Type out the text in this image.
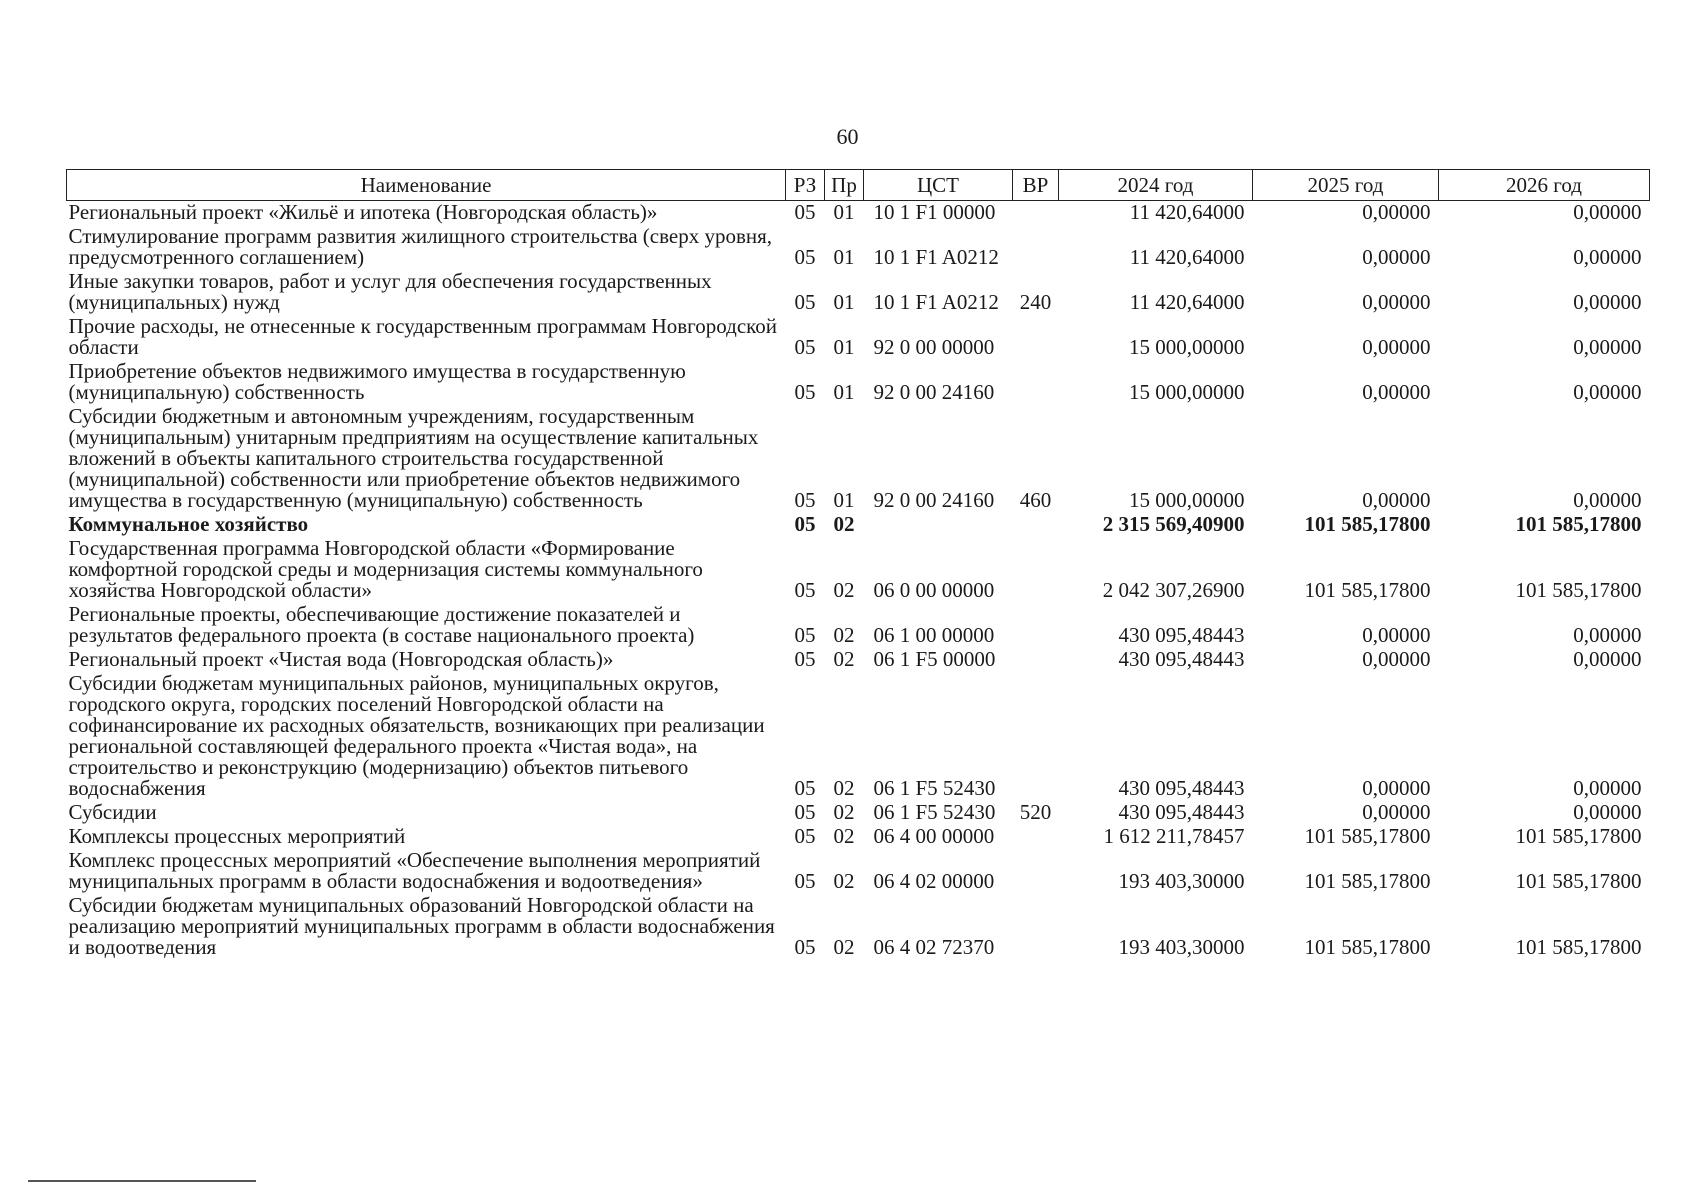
60
Наименование	РЗ	Пр	ЦСТ	ВР	2024 год	2025 год	2026 год
Региональный проект «Жильё и ипотека (Новгородская область)»	05	01	10 1 F1 00000		11 420,64000	0,00000	0,00000
Стимулирование программ развития жилищного строительства (сверх уровня, предусмотренного соглашением)	05	01	10 1 F1 A0212		11 420,64000	0,00000	0,00000
Иные закупки товаров, работ и услуг для обеспечения государственных (муниципальных) нужд	05	01	10 1 F1 A0212	240	11 420,64000	0,00000	0,00000
Прочие расходы, не отнесенные к государственным программам Новгородской области	05	01	92 0 00 00000		15 000,00000	0,00000	0,00000
Приобретение объектов недвижимого имущества в государственную (муниципальную) собственность	05	01	92 0 00 24160		15 000,00000	0,00000	0,00000
Субсидии бюджетным и автономным учреждениям, государственным (муниципальным) унитарным предприятиям на осуществление капитальных вложений в объекты капитального строительства государственной (муниципальной) собственности или приобретение объектов недвижимого имущества в государственную (муниципальную) собственность	05	01	92 0 00 24160	460	15 000,00000	0,00000	0,00000
Коммунальное хозяйство	05	02			2 315 569,40900	101 585,17800	101 585,17800
Государственная программа Новгородской области «Формирование комфортной городской среды и модернизация системы коммунального хозяйства Новгородской области»	05	02	06 0 00 00000		2 042 307,26900	101 585,17800	101 585,17800
Региональные проекты, обеспечивающие достижение показателей и результатов федерального проекта (в составе национального проекта)	05	02	06 1 00 00000		430 095,48443	0,00000	0,00000
Региональный проект «Чистая вода (Новгородская область)»	05	02	06 1 F5 00000		430 095,48443	0,00000	0,00000
Субсидии бюджетам муниципальных районов, муниципальных округов, городского округа, городских поселений Новгородской области на софинансирование их расходных обязательств, возникающих при реализации региональной составляющей федерального проекта «Чистая вода», на строительство и реконструкцию (модернизацию) объектов питьевого водоснабжения	05	02	06 1 F5 52430		430 095,48443	0,00000	0,00000
Субсидии	05	02	06 1 F5 52430	520	430 095,48443	0,00000	0,00000
Комплексы процессных мероприятий	05	02	06 4 00 00000		1 612 211,78457	101 585,17800	101 585,17800
Комплекс процессных мероприятий «Обеспечение выполнения мероприятий муниципальных программ в области водоснабжения и водоотведения»	05	02	06 4 02 00000		193 403,30000	101 585,17800	101 585,17800
Субсидии бюджетам муниципальных образований Новгородской области на реализацию мероприятий муниципальных программ в области водоснабжения и водоотведения	05	02	06 4 02 72370		193 403,30000	101 585,17800	101 585,17800
